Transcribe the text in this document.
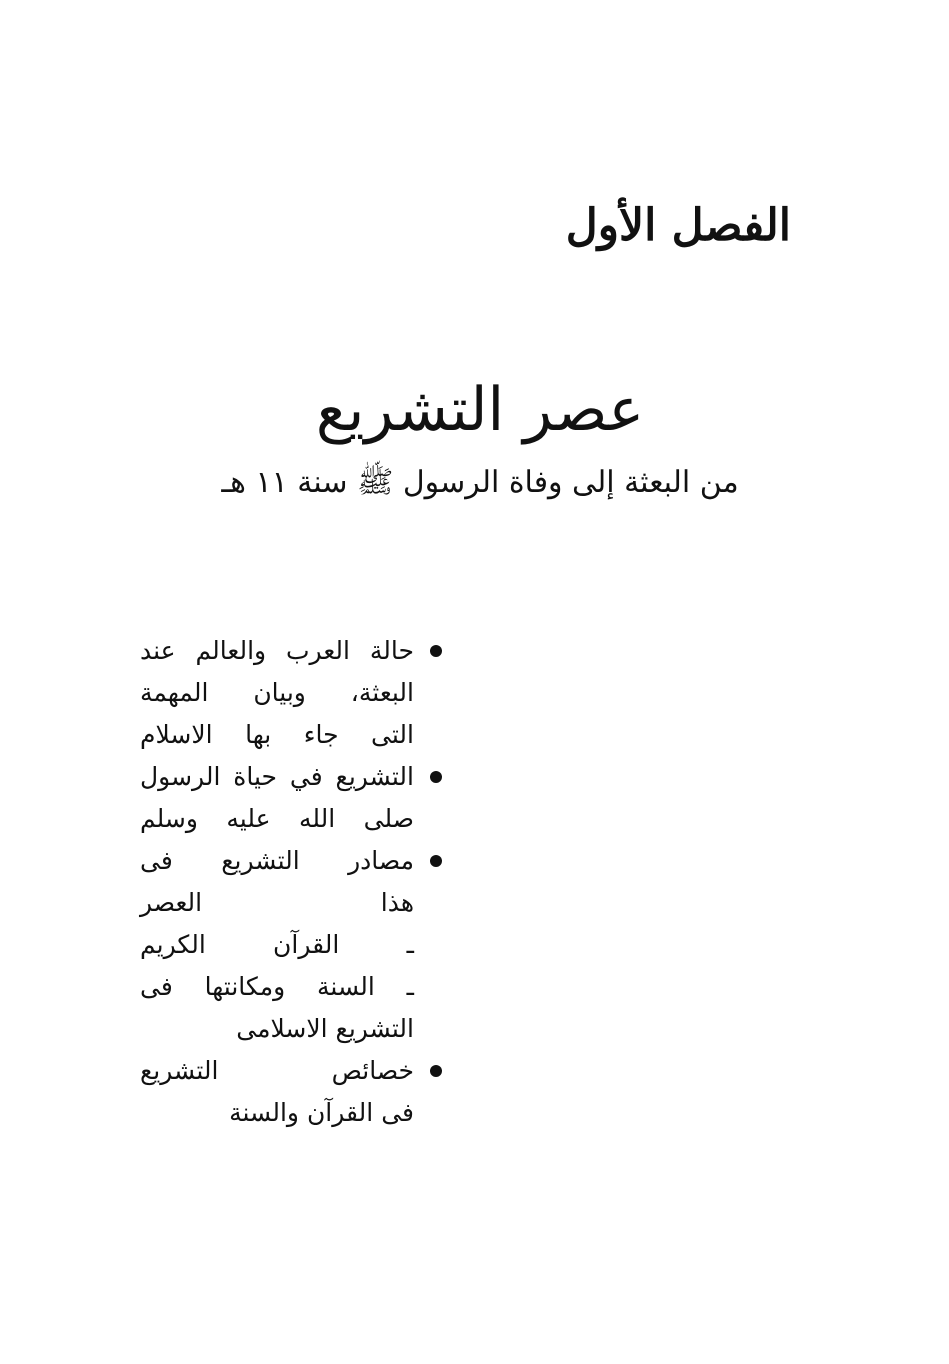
الفصل الأول
عصر التشريع
من البعثة إلى وفاة الرسول ﷺ سنة ١١ هـ
حالة العرب والعالم عند
البعثة، وبيان المهمة
التى جاء بها الاسلام
التشريع في حياة الرسول
صلى الله عليه وسلم
مصادر التشريع فى
هذا العصر
ـ القرآن الكريم
ـ السنة ومكانتها فى
التشريع الاسلامى
خصائص التشريع
فى القرآن والسنة
